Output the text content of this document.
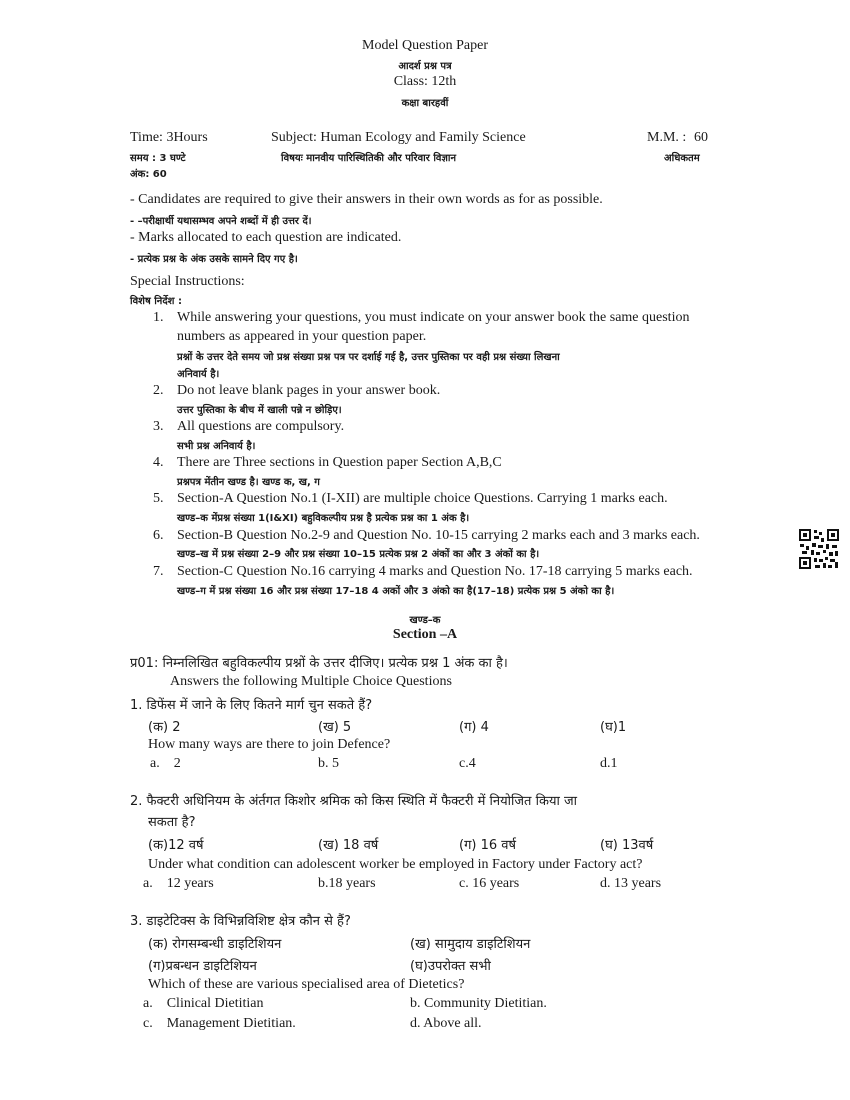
Model Question Paper
आदर्श प्रश्न पत्र
Class: 12th
कक्षा बारहवीं
Time: 3Hours	Subject: Human Ecology and Family Science	M.M. : 60
समय : 3 घण्टे	विषयः मानवीय पारिस्थितिकी और परिवार विज्ञान	अधिकतम
अंक: 60
- Candidates are required to give their answers in their own words as for as possible.
- –परीक्षार्थी यथासम्भव अपने शब्दों में ही उत्तर दें।
- Marks allocated to each question are indicated.
- प्रत्येक प्रश्न के अंक उसके सामने दिए गए है।
Special Instructions:
विशेष निर्देश :
1. While answering your questions, you must indicate on your answer book the same question
numbers as appeared in your question paper.
प्रश्नों के उत्तर देते समय जो प्रश्न संख्या प्रश्न पत्र पर दर्शाई गई है, उत्तर पुस्तिका पर वही प्रश्न संख्या लिखना
अनिवार्य है।
2. Do not leave blank pages in your answer book.
उत्तर पुस्तिका के बीच में खाली पन्ने न छोड़िए।
3. All questions are compulsory.
सभी प्रश्न अनिवार्य है।
4. There are Three sections in Question paper Section A,B,C
प्रश्नपत्र मेंतीन खण्ड है। खण्ड क, ख, ग
5. Section-A Question No.1 (I-XII) are multiple choice Questions. Carrying 1 marks each.
खण्ड–क मेंप्रश्न संख्या 1(I&XI) बहुविकल्पीय प्रश्न है प्रत्येक प्रश्न का 1 अंक है।
6. Section-B Question No.2-9 and Question No. 10-15 carrying 2 marks each and 3 marks each.
खण्ड–ख में प्रश्न संख्या 2–9 और प्रश्न संख्या 10–15 प्रत्येक प्रश्न 2 अंकों का और 3 अंकों का है।
7. Section-C Question No.16 carrying 4 marks and Question No. 17-18 carrying 5 marks each.
खण्ड–ग में प्रश्न संख्या 16 और प्रश्न संख्या 17–18 4 अकों और 3 अंको का है(17–18) प्रत्येक प्रश्न 5 अंको का है।
खण्ड–क
Section –A
प्र01: निम्नलिखित बहुविकल्पीय प्रश्नों के उत्तर दीजिए। प्रत्येक प्रश्न 1 अंक का है।
Answers the following Multiple Choice Questions
1. डिफेंस में जाने के लिए कितने मार्ग चुन सकते हैं?
(क) 2	(ख) 5	(ग) 4	(घ)1
How many ways are there to join Defence?
a.    2	b. 5	c.4	d.1
2. फैक्टरी अधिनियम के अंर्तगत किशोर श्रमिक को किस स्थिति में फैक्टरी में नियोजित किया जा
सकता है?
(क)12 वर्ष	(ख) 18 वर्ष	(ग) 16 वर्ष	(घ) 13वर्ष
Under what condition can adolescent worker be employed in Factory under Factory act?
a.    12 years	b.18 years	c. 16 years	d. 13 years
3. डाइटेटिक्स के विभिन्नविशिष्ट क्षेत्र कौन से हैं?
(क) रोगसम्बन्धी डाइटिशियन	(ख) सामुदाय डाइटिशियन
(ग)प्रबन्धन डाइटिशियन	(घ)उपरोक्त सभी
Which of these are various specialised area of Dietetics?
a.    Clinical Dietitian	b. Community Dietitian.
c.    Management Dietitian.	d. Above all.
